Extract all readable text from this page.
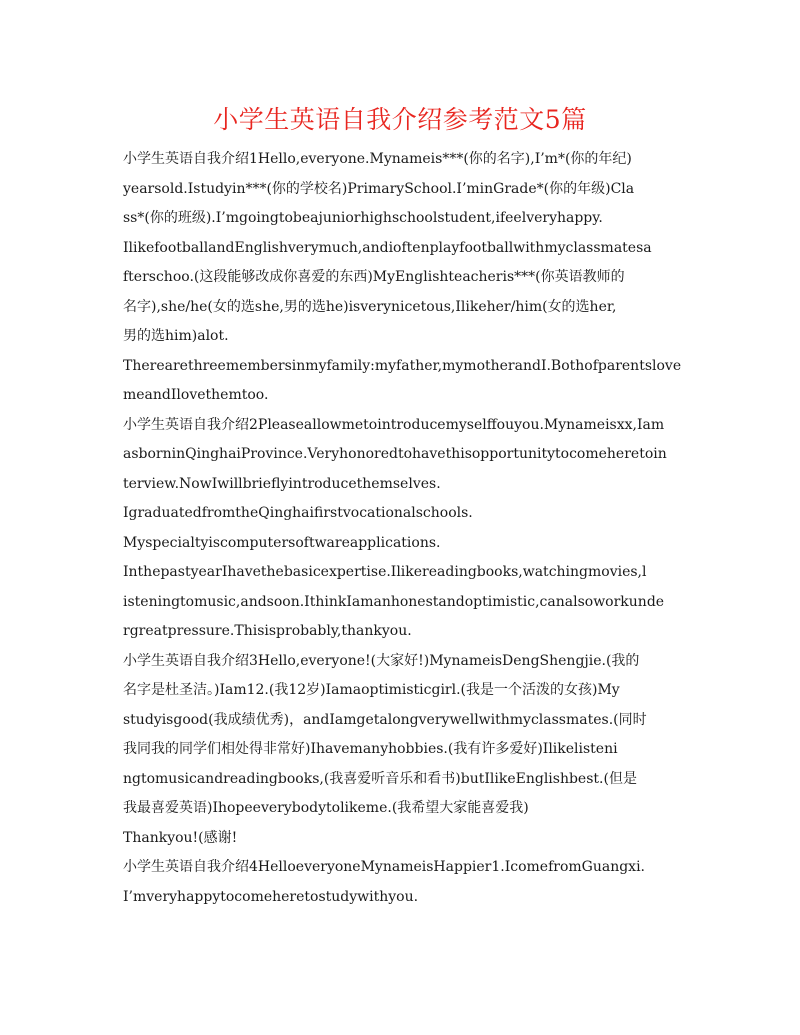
小学生英语自我介绍参考范文5篇
小学生英语自我介绍1Hello,everyone.Mynameis***(你的名字),I’m*(你的年纪)
yearsold.Istudyin***(你的学校名)PrimarySchool.I’minGrade*(你的年级)Cla
ss*(你的班级).I’mgoingtobeajuniorhighschoolstudent,ifeelveryhappy.
IlikefootballandEnglishverymuch,andioftenplayfootballwithmyclassmatesa
fterschoo.(这段能够改成你喜爱的东西)MyEnglishteacheris***(你英语教师的
名字),she/he(女的选she,男的选he)isverynicetous,Ilikeher/him(女的选her,
男的选him)alot.
Therearethreemembersinmyfamily:myfather,mymotherandI.Bothofparentslove
meandIlovethemtoo.
小学生英语自我介绍2Pleaseallowmetointroducemyselffouyou.Mynameisxx,Iam
asborninQinghaiProvince.Veryhonoredtohavethisopportunitytocomeheretoin
terview.NowIwillbrieflyintroducethemselves.
IgraduatedfromtheQinghaifirstvocationalschools.
Myspecialtyiscomputersoftwareapplications.
InthepastyearIhavethebasicexpertise.Ilikereadingbooks,watchingmovies,l
isteningtomusic,andsoon.IthinkIamanhonestandoptimistic,canalsoworkunde
rgreatpressure.Thisisprobably,thankyou.
小学生英语自我介绍3Hello,everyone!(大家好!)MynameisDengShengjie.(我的
名字是杜圣洁。)Iam12.(我12岁)Iamaoptimisticgirl.(我是一个活泼的女孩)My
studyisgood(我成绩优秀)，andIamgetalongverywellwithmyclassmates.(同时
我同我的同学们相处得非常好)Ihavemanyhobbies.(我有许多爱好)Ilikelisteni
ngtomusicandreadingbooks,(我喜爱听音乐和看书)butIlikeEnglishbest.(但是
我最喜爱英语)Ihopeeverybodytolikeme.(我希望大家能喜爱我)
Thankyou!(感谢!
小学生英语自我介绍4HelloeveryoneMynameisHappier1.IcomefromGuangxi.
I’mveryhappytocomeheretostudywithyou.
